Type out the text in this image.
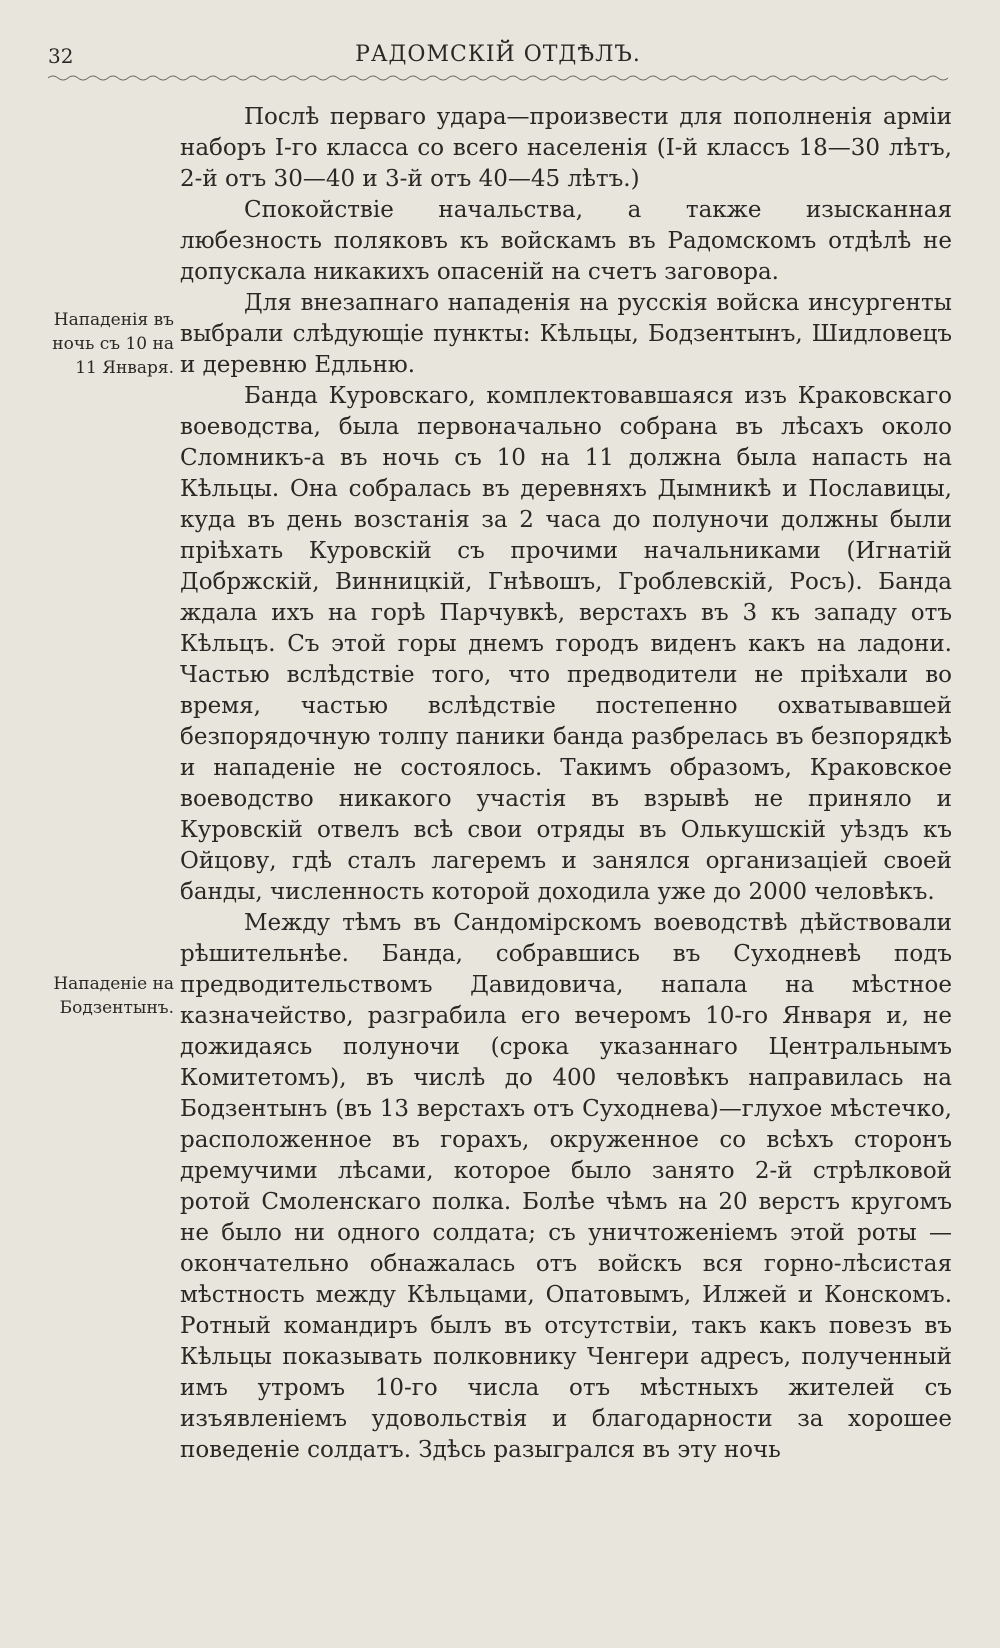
32	РАДОМСКІЙ ОТДѢЛЪ.
Нападенія въ ночь съ 10 на 11 Января.
Нападеніе на Бодзентынъ.

Послѣ перваго удара—произвести для пополненія арміи наборъ I-го класса со всего населенія (I-й классъ 18—30 лѣтъ, 2-й отъ 30—40 и 3-й отъ 40—45 лѣтъ.)

Спокойствіе начальства, а также изысканная любезность поляковъ къ войскамъ въ Радомскомъ отдѣлѣ не допускала никакихъ опасеній на счетъ заговора.

Для внезапнаго нападенія на русскія войска инсургенты выбрали слѣдующіе пункты: Кѣльцы, Бодзентынъ, Шидловецъ и деревню Едльню.

Банда Куровскаго, комплектовавшаяся изъ Краковскаго воеводства, была первоначально собрана въ лѣсахъ около Сломникъ-а въ ночь съ 10 на 11 должна была напасть на Кѣльцы. Она собралась въ деревняхъ Дымникѣ и Пославицы, куда въ день возстанія за 2 часа до полуночи должны были пріѣхать Куровскій съ прочими начальниками (Игнатій Добржскій, Винницкій, Гнѣвошъ, Гроблевскій, Росъ). Банда ждала ихъ на горѣ Парчувкѣ, верстахъ въ 3 къ западу отъ Кѣльцъ. Съ этой горы днемъ городъ виденъ какъ на ладони. Частью вслѣдствіе того, что предводители не пріѣхали во время, частью вслѣдствіе постепенно охватывавшей безпорядочную толпу паники банда разбрелась въ безпорядкѣ и нападеніе не состоялось. Такимъ образомъ, Краковское воеводство никакого участія въ взрывѣ не приняло и Куровскій отвелъ всѣ свои отряды въ Олькушскій уѣздъ къ Ойцову, гдѣ сталъ лагеремъ и занялся организаціей своей банды, численность которой доходила уже до 2000 человѣкъ.

Между тѣмъ въ Сандомірскомъ воеводствѣ дѣйствовали рѣшительнѣе. Банда, собравшись въ Суходневѣ подъ предводительствомъ Давидовича, напала на мѣстное казначейство, разграбила его вечеромъ 10-го Января и, не дожидаясь полуночи (срока указаннаго Центральнымъ Комитетомъ), въ числѣ до 400 человѣкъ направилась на Бодзентынъ (въ 13 верстахъ отъ Суходнева)—глухое мѣстечко, расположенное въ горахъ, окруженное со всѣхъ сторонъ дремучими лѣсами, которое было занято 2-й стрѣлковой ротой Смоленскаго полка. Болѣе чѣмъ на 20 верстъ кругомъ не было ни одного солдата; съ уничтоженіемъ этой роты — окончательно обнажалась отъ войскъ вся горно-лѣсистая мѣстность между Кѣльцами, Опатовымъ, Илжей и Конскомъ. Ротный командиръ былъ въ отсутствіи, такъ какъ повезъ въ Кѣльцы показывать полковнику Ченгери адресъ, полученный имъ утромъ 10-го числа отъ мѣстныхъ жителей съ изъявленіемъ удовольствія и благодарности за хорошее поведеніе солдатъ. Здѣсь разыгрался въ эту ночь
